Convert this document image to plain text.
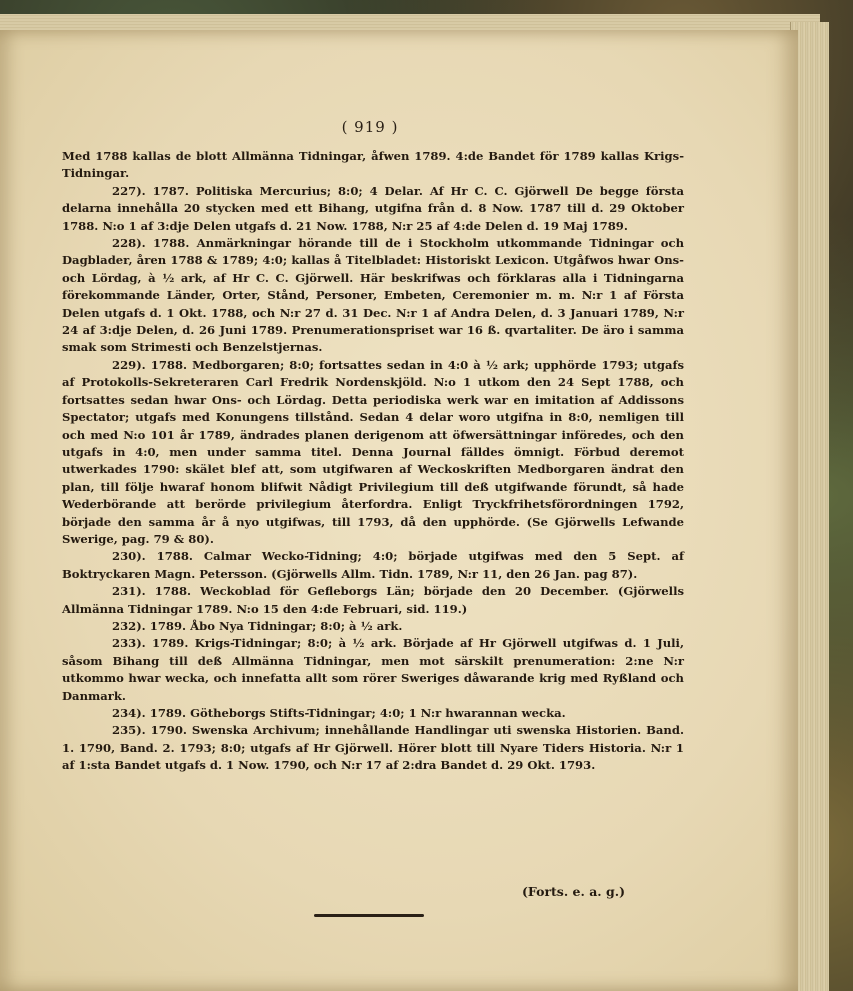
( 919 )

Med 1788 kallas de blott Allmänna Tidningar, åfwen 1789. 4:de Bandet för 1789 kallas Krigs-Tidningar.

227). 1787. Politiska Mercurius; 8:0; 4 Delar. Af Hr C. C. Gjörwell De begge första delarna innehålla 20 stycken med ett Bihang, utgifna från d. 8 Now. 1787 till d. 29 Oktober 1788. N:o 1 af 3:dje Delen utgafs d. 21 Now. 1788, N:r 25 af 4:de Delen d. 19 Maj 1789.

228). 1788. Anmärkningar hörande till de i Stockholm utkommande Tidningar och Dagblader, åren 1788 & 1789; 4:0; kallas å Titelbladet: Historiskt Lexicon. Utgåfwos hwar Ons- och Lördag, à ½ ark, af Hr C. C. Gjörwell. Här beskrifwas och förklaras alla i Tidningarna förekommande Länder, Orter, Stånd, Personer, Embeten, Ceremonier m. m. N:r 1 af Första Delen utgafs d. 1 Okt. 1788, och N:r 27 d. 31 Dec. N:r 1 af Andra Delen, d. 3 Januari 1789, N:r 24 af 3:dje Delen, d. 26 Juni 1789. Prenumerationspriset war 16 ß. qvartaliter. De äro i samma smak som Strimesti och Benzelstjernas.

229). 1788. Medborgaren; 8:0; fortsattes sedan in 4:0 à ½ ark; upphörde 1793; utgafs af Protokolls-Sekreteraren Carl Fredrik Nordenskjöld. N:o 1 utkom den 24 Sept 1788, och fortsattes sedan hwar Ons- och Lördag. Detta periodiska werk war en imitation af Addissons Spectator; utgafs med Konungens tillstånd. Sedan 4 delar woro utgifna in 8:0, nemligen till och med N:o 101 år 1789, ändrades planen derigenom att öfwersättningar införedes, och den utgafs in 4:0, men under samma titel. Denna Journal fälldes ömnigt. Förbud deremot utwerkades 1790: skälet blef att, som utgifwaren af Weckoskriften Medborgaren ändrat den plan, till följe hwaraf honom blifwit Nådigt Privilegium till deß utgifwande förundt, så hade Wederbörande att berörde privilegium återfordra. Enligt Tryckfrihetsförordningen 1792, började den samma år å nyo utgifwas, till 1793, då den upphörde. (Se Gjörwells Lefwande Swerige, pag. 79 & 80).

230). 1788. Calmar Wecko-Tidning; 4:0; började utgifwas med den 5 Sept. af Boktryckaren Magn. Petersson. (Gjörwells Allm. Tidn. 1789, N:r 11, den 26 Jan. pag 87).

231). 1788. Weckoblad för Gefleborgs Län; började den 20 December. (Gjörwells Allmänna Tidningar 1789. N:o 15 den 4:de Februari, sid. 119.)

232). 1789. Åbo Nya Tidningar; 8:0; à ½ ark.

233). 1789. Krigs-Tidningar; 8:0; à ½ ark. Började af Hr Gjörwell utgifwas d. 1 Juli, såsom Bihang till deß Allmänna Tidningar, men mot särskilt prenumeration: 2:ne N:r utkommo hwar wecka, och innefatta allt som rörer Sweriges dåwarande krig med Ryßland och Danmark.

234). 1789. Götheborgs Stifts-Tidningar; 4:0; 1 N:r hwarannan wecka.

235). 1790. Swenska Archivum; innehållande Handlingar uti swenska Historien. Band. 1. 1790, Band. 2. 1793; 8:0; utgafs af Hr Gjörwell. Hörer blott till Nyare Tiders Historia. N:r 1 af 1:sta Bandet utgafs d. 1 Now. 1790, och N:r 17 af 2:dra Bandet d. 29 Okt. 1793.

(Forts. e. a. g.)
